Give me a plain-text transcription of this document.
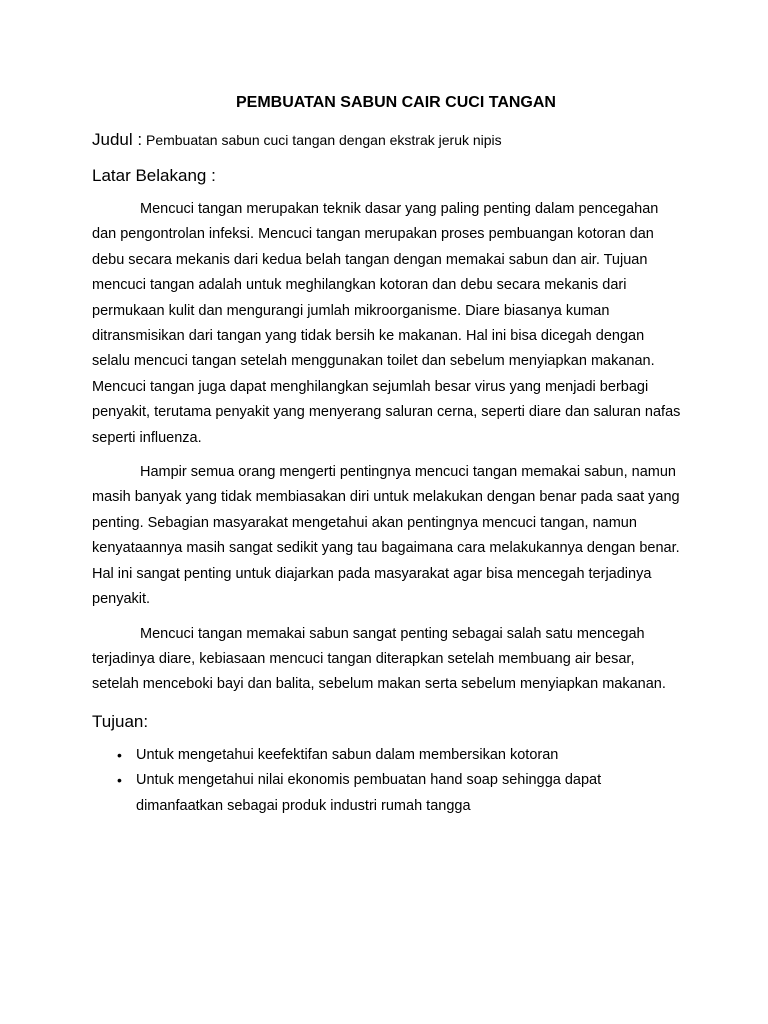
PEMBUATAN SABUN CAIR CUCI TANGAN
Judul : Pembuatan sabun cuci tangan dengan ekstrak jeruk nipis
Latar Belakang :

Mencuci tangan merupakan teknik dasar yang paling penting dalam pencegahan dan pengontrolan infeksi. Mencuci tangan merupakan proses pembuangan kotoran dan debu secara mekanis dari kedua belah tangan dengan memakai sabun dan air. Tujuan mencuci tangan adalah untuk meghilangkan kotoran dan debu secara mekanis dari permukaan kulit dan mengurangi jumlah mikroorganisme. Diare biasanya kuman ditransmisikan dari tangan yang tidak bersih ke makanan. Hal ini bisa dicegah dengan selalu mencuci tangan setelah menggunakan toilet dan sebelum menyiapkan makanan. Mencuci tangan juga dapat menghilangkan sejumlah besar virus yang menjadi berbagi penyakit, terutama penyakit yang menyerang saluran cerna, seperti diare dan saluran nafas seperti influenza.

Hampir semua orang mengerti pentingnya mencuci tangan memakai sabun, namun masih banyak yang tidak membiasakan diri untuk melakukan dengan benar pada saat yang penting. Sebagian masyarakat mengetahui akan pentingnya mencuci tangan, namun kenyataannya masih sangat sedikit yang tau bagaimana cara melakukannya dengan benar. Hal ini sangat penting untuk diajarkan pada masyarakat agar bisa mencegah terjadinya penyakit.

Mencuci tangan memakai sabun sangat penting sebagai salah satu mencegah terjadinya diare, kebiasaan mencuci tangan diterapkan setelah membuang air besar, setelah menceboki bayi dan balita, sebelum makan serta sebelum menyiapkan makanan.

Tujuan:
• Untuk mengetahui keefektifan sabun dalam membersikan kotoran
• Untuk mengetahui nilai ekonomis pembuatan hand soap sehingga dapat dimanfaatkan sebagai produk industri rumah tangga
